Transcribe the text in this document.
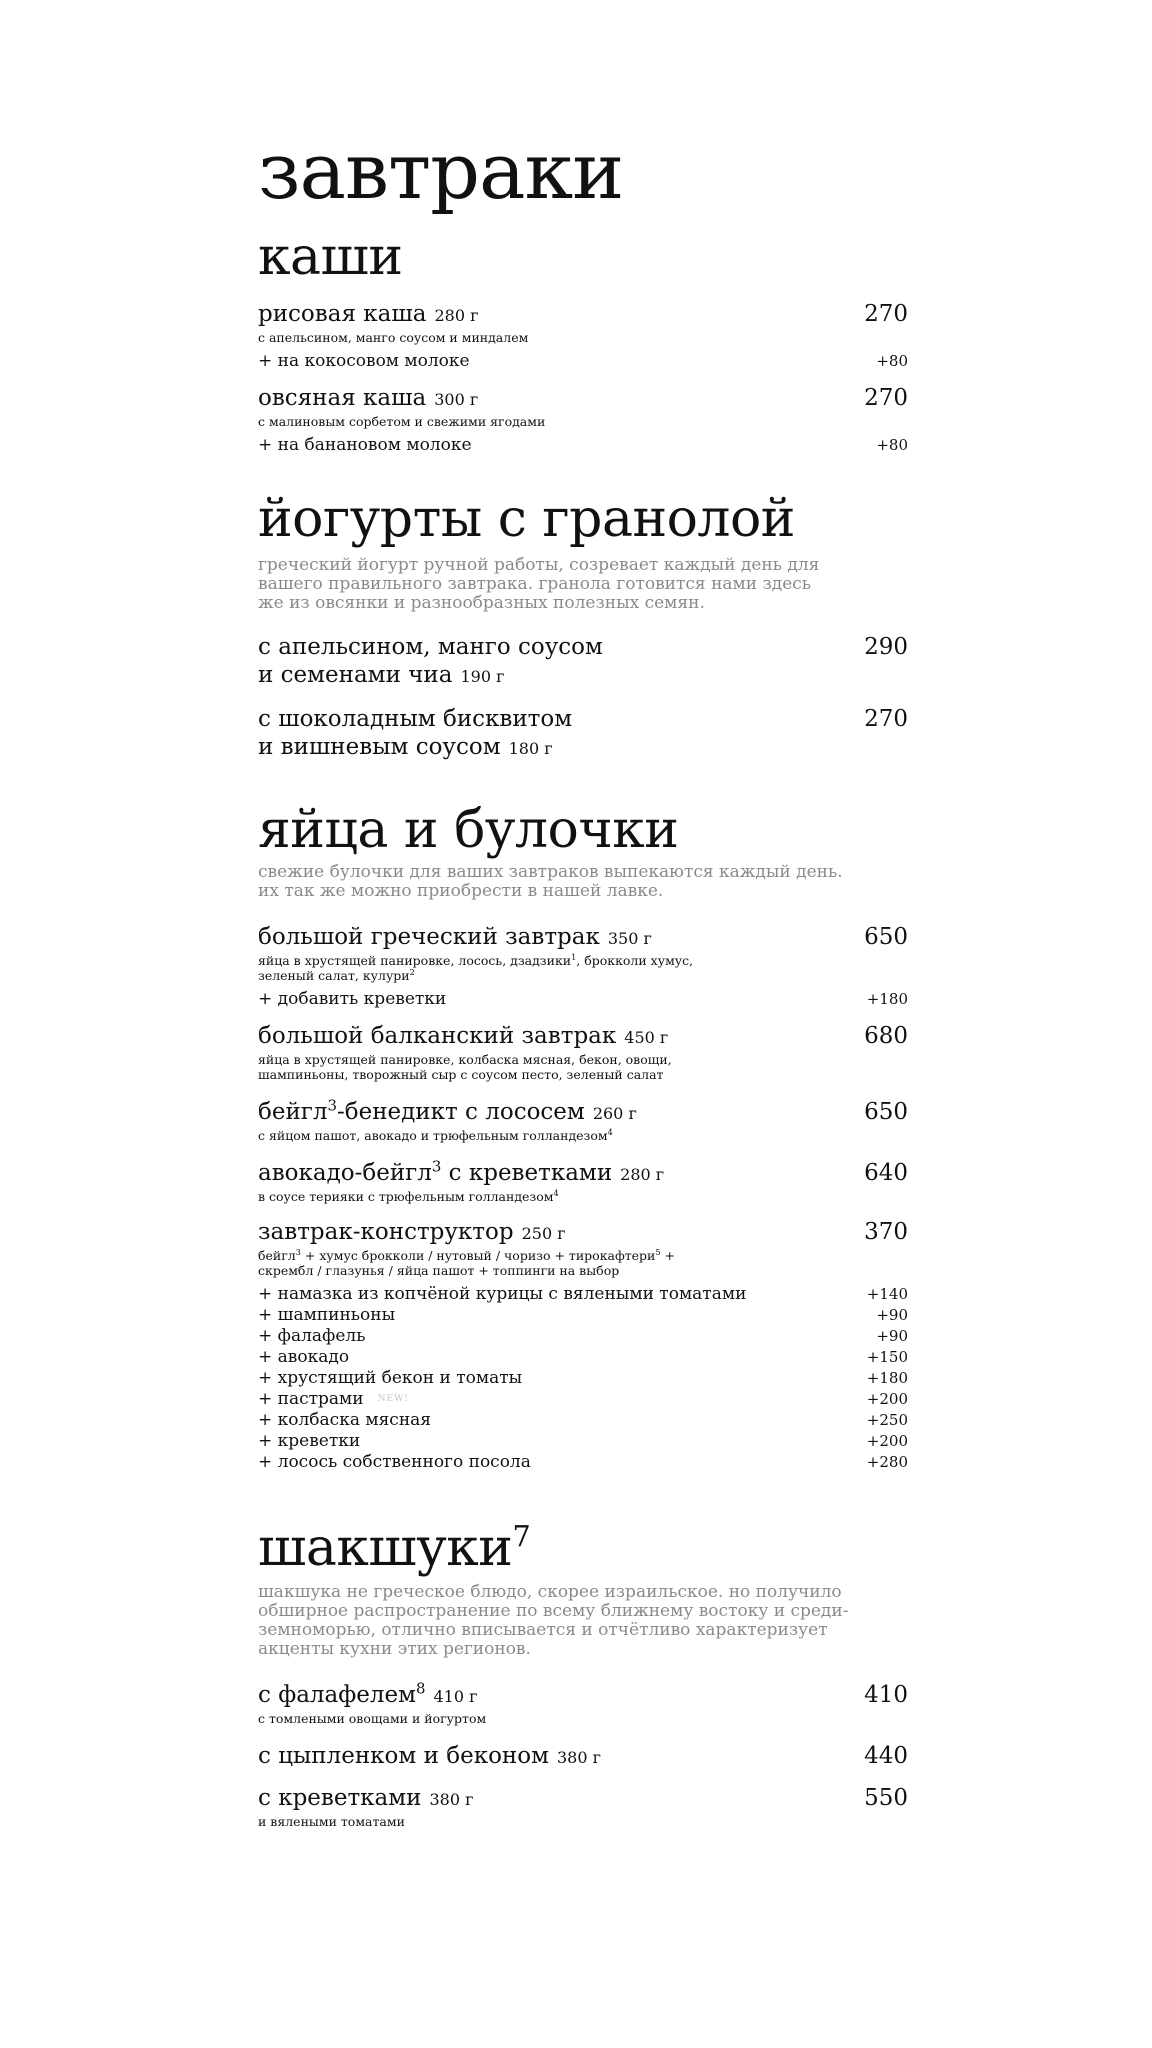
завтраки
каши
рисовая каша 280 г	270
с апельсином, манго соусом и миндалем
+ на кокосовом молоке	+80
овсяная каша 300 г	270
с малиновым сорбетом и свежими ягодами
+ на банановом молоке	+80
йогурты с гранолой

греческий йогурт ручной работы, созревает каждый день для

вашего правильного завтрака. гранола готовится нами здесь

же из овсянки и разнообразных полезных семян.

с апельсином, манго соусом	290
и семенами чиа 190 г
с шоколадным бисквитом	270
и вишневым соусом 180 г
яйца и булочки

свежие булочки для ваших завтраков выпекаются каждый день.

их так же можно приобрести в нашей лавке.

большой греческий завтрак 350 г	650
яйца в хрустящей панировке, лосось, дзадзики$^1$, брокколи хумус,
зеленый салат, кулури$^2$
+ добавить креветки	+180
большой балканский завтрак 450 г	680
яйца в хрустящей панировке, колбаска мясная, бекон, овощи,
шампиньоны, творожный сыр с соусом песто, зеленый салат
бейгл$^3$-бенедикт с лососем 260 г	650
с яйцом пашот, авокадо и трюфельным голландезом$^4$
авокадо-бейгл$^3$ с креветками 280 г	640
в соусе терияки с трюфельным голландезом$^4$
завтрак-конструктор 250 г	370
бейгл$^3$ + хумус брокколи / нутовый / чоризо + тирокафтери$^5$ +
скрембл / глазунья / яйца пашот + топпинги на выбор
+ намазка из копчёной курицы с вялеными томатами	+140
+ шампиньоны	+90
+ фалафель	+90
+ авокадо	+150
+ хрустящий бекон и томаты	+180
+ пастрами NEW!	+200
+ колбаска мясная	+250
+ креветки	+200
+ лосось собственного посола	+280
шакшуки$^7$

шакшука не греческое блюдо, скорее израильское. но получило

обширное распространение по всему ближнему востоку и среди-

земноморью, отлично вписывается и отчётливо характеризует

акценты кухни этих регионов.

с фалафелем$^8$ 410 г	410
с томлеными овощами и йогуртом
с цыпленком и беконом 380 г	440
с креветками 380 г	550
и вялеными томатами
